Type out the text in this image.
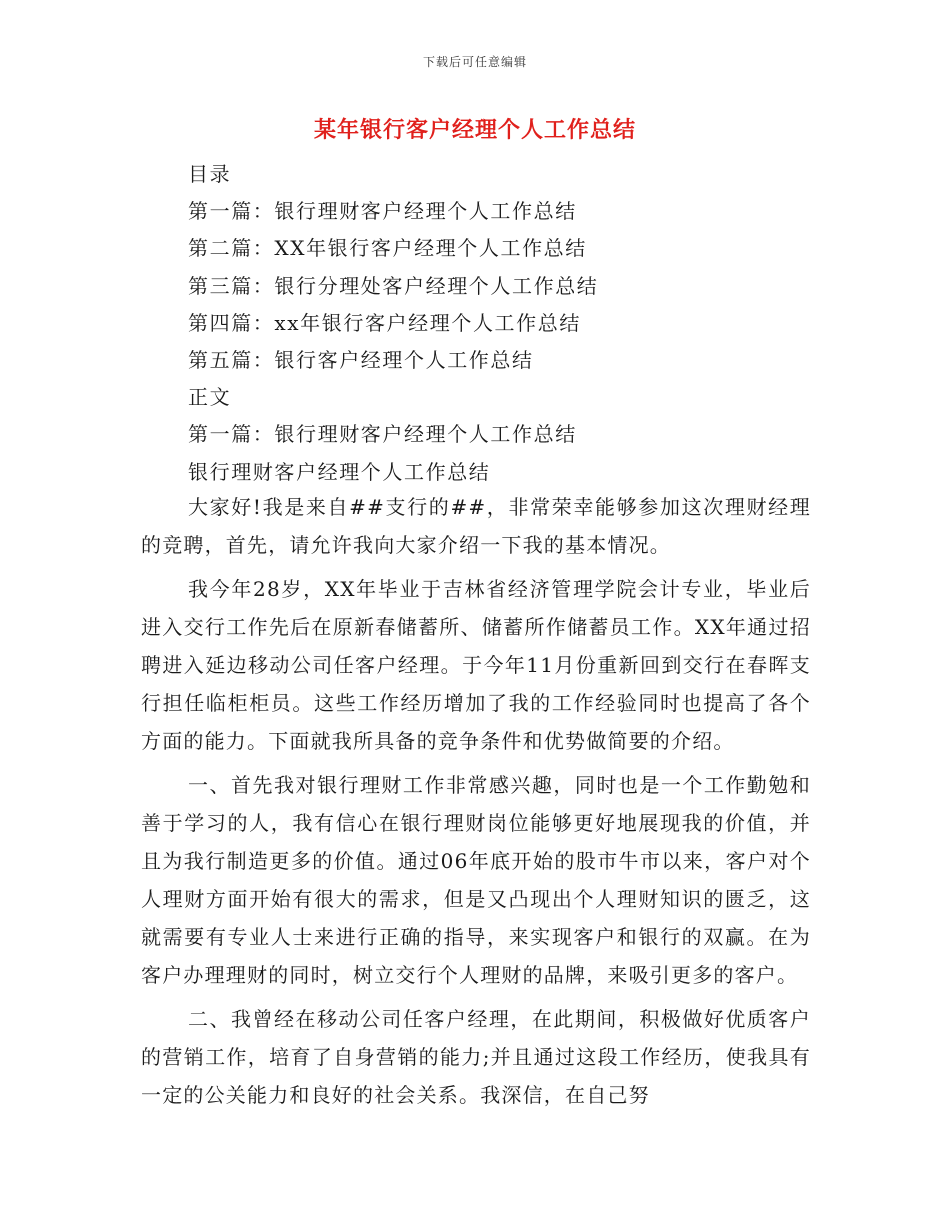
下载后可任意编辑
某年银行客户经理个人工作总结
目录
第一篇：银行理财客户经理个人工作总结
第二篇：XX年银行客户经理个人工作总结
第三篇：银行分理处客户经理个人工作总结
第四篇：xx年银行客户经理个人工作总结
第五篇：银行客户经理个人工作总结
正文
第一篇：银行理财客户经理个人工作总结
银行理财客户经理个人工作总结

大家好!我是来自##支行的##，非常荣幸能够参加这次理财经理的竞聘，首先，请允许我向大家介绍一下我的基本情况。

我今年28岁，XX年毕业于吉林省经济管理学院会计专业，毕业后进入交行工作先后在原新春储蓄所、储蓄所作储蓄员工作。XX年通过招聘进入延边移动公司任客户经理。于今年11月份重新回到交行在春晖支行担任临柜柜员。这些工作经历增加了我的工作经验同时也提高了各个方面的能力。下面就我所具备的竞争条件和优势做简要的介绍。

一、首先我对银行理财工作非常感兴趣，同时也是一个工作勤勉和善于学习的人，我有信心在银行理财岗位能够更好地展现我的价值，并且为我行制造更多的价值。通过06年底开始的股市牛市以来，客户对个人理财方面开始有很大的需求，但是又凸现出个人理财知识的匮乏，这就需要有专业人士来进行正确的指导，来实现客户和银行的双赢。在为客户办理理财的同时，树立交行个人理财的品牌，来吸引更多的客户。

二、我曾经在移动公司任客户经理，在此期间，积极做好优质客户的营销工作，培育了自身营销的能力;并且通过这段工作经历，使我具有一定的公关能力和良好的社会关系。我深信，在自己努
